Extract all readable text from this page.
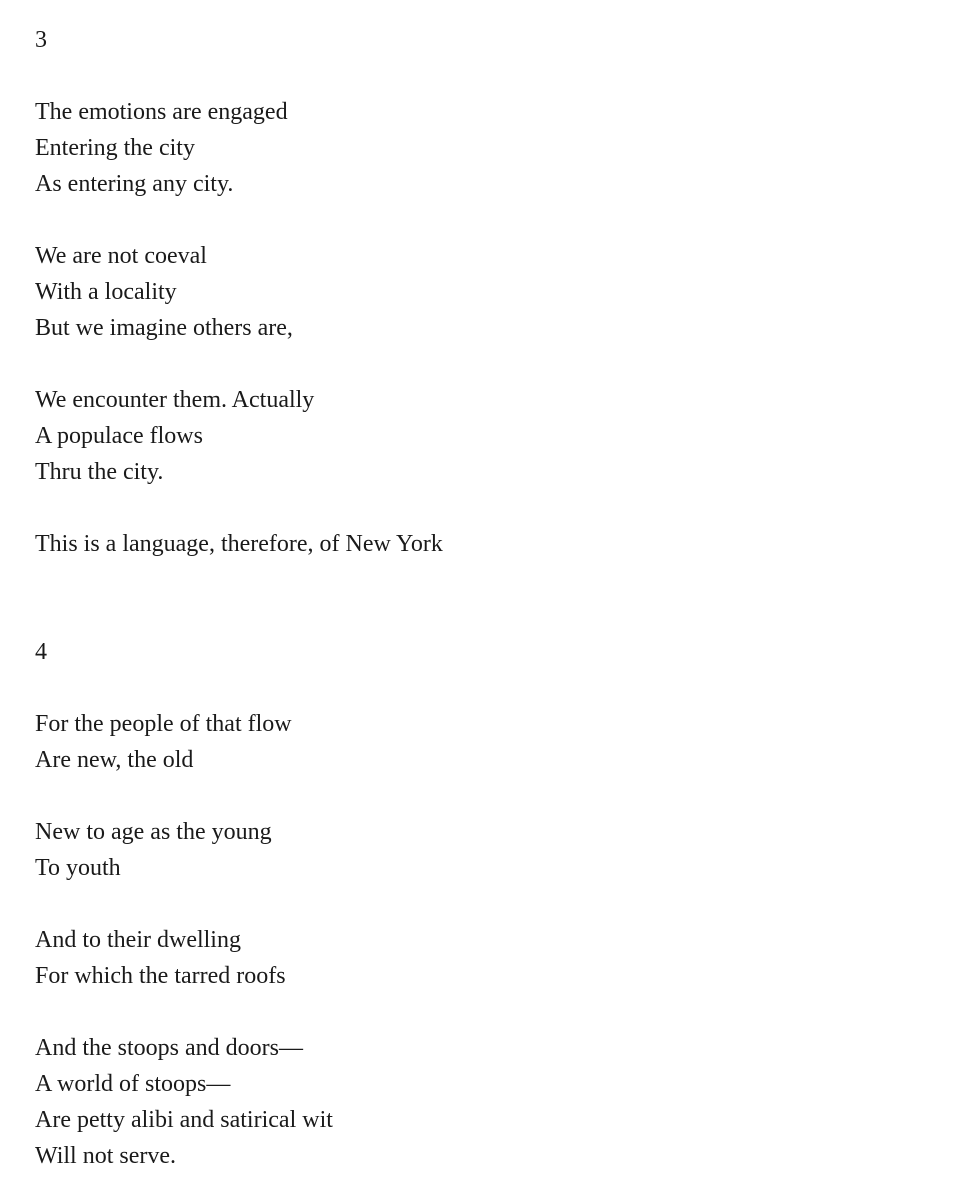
3
The emotions are engaged
Entering the city
As entering any city.
We are not coeval
With a locality
But we imagine others are,
We encounter them. Actually
A populace flows
Thru the city.
This is a language, therefore, of New York
4
For the people of that flow
Are new, the old
New to age as the young
To youth
And to their dwelling
For which the tarred roofs
And the stoops and doors—
A world of stoops—
Are petty alibi and satirical wit
Will not serve.
